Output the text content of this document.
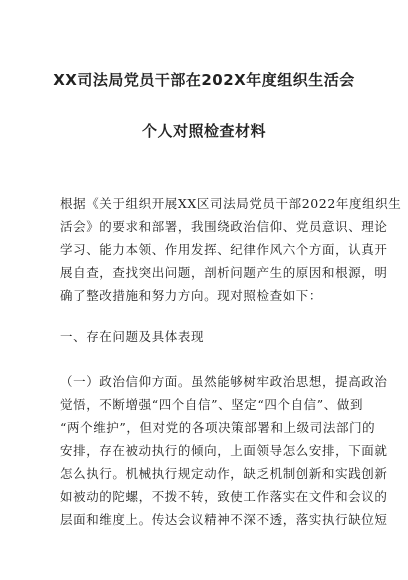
XX司法局党员干部在202X年度组织生活会
个人对照检查材料
根据《关于组织开展XX区司法局党员干部2022年度组织生
活会》的要求和部署，我围绕政治信仰、党员意识、理论
学习、能力本领、作用发挥、纪律作风六个方面，认真开
展自查，查找突出问题，剖析问题产生的原因和根源，明
确了整改措施和努力方向。现对照检查如下：
一、存在问题及具体表现
（一）政治信仰方面。虽然能够树牢政治思想，提高政治
觉悟，不断增强“四个自信”、坚定“四个自信”、做到
“两个维护”，但对党的各项决策部署和上级司法部门的
安排，存在被动执行的倾向，上面领导怎么安排，下面就
怎么执行。机械执行规定动作，缺乏机制创新和实践创新
如被动的陀螺，不拨不转，致使工作落实在文件和会议的
层面和维度上。传达会议精神不深不透，落实执行缺位短
